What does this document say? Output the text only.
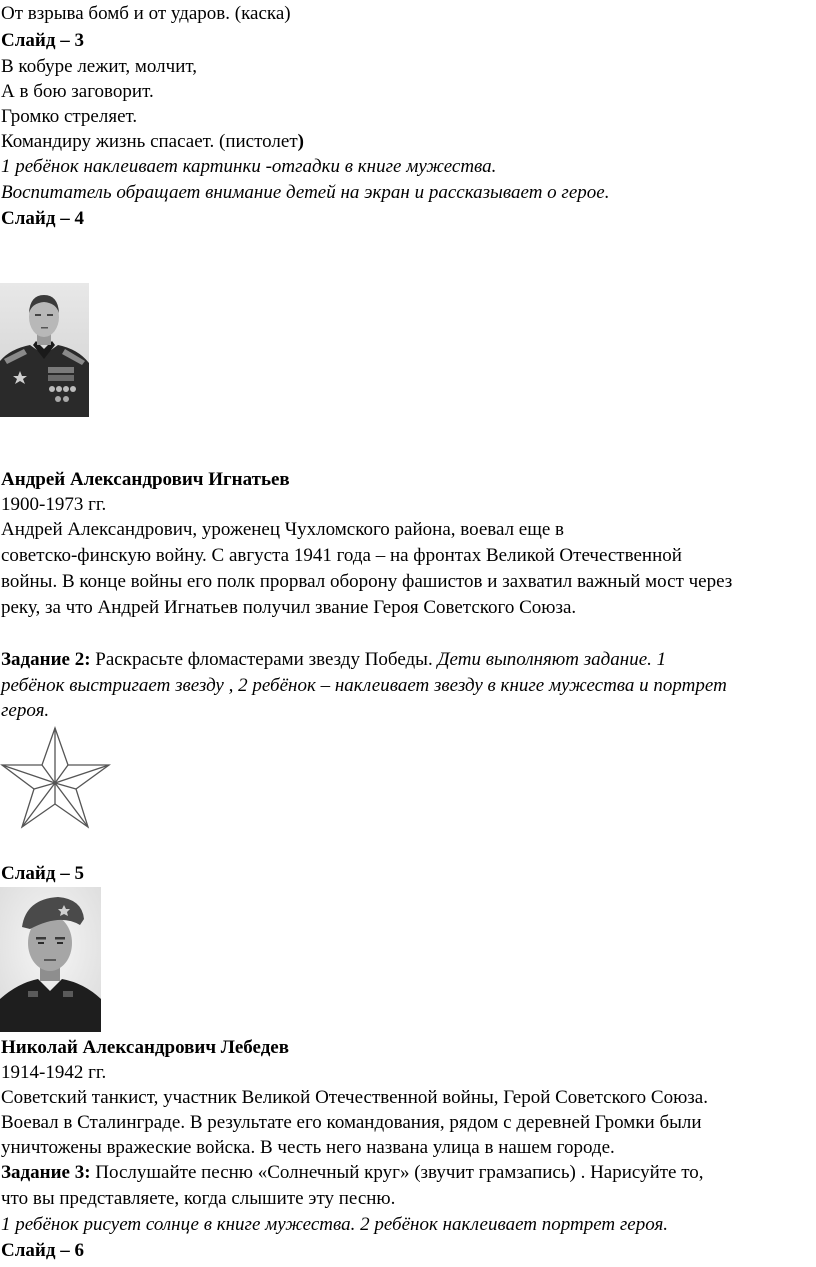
От взрыва бомб и от ударов. (каска)
Слайд – 3
В кобуре лежит, молчит,
А в бою заговорит.
Громко стреляет.
Командиру жизнь спасает. (пистолет)
1 ребёнок наклеивает картинки -отгадки в книге мужества.
Воспитатель обращает внимание детей на экран и рассказывает о герое.
Слайд – 4
Андрей Александрович Игнатьев
1900-1973 гг.
Андрей Александрович, уроженец Чухломского района, воевал еще в
советско-финскую войну. С августа 1941 года – на фронтах Великой Отечественной
войны. В конце войны его полк прорвал оборону фашистов и захватил важный мост через
реку, за что Андрей Игнатьев получил звание Героя Советского Союза.
Задание 2: Раскрасьте фломастерами звезду Победы. Дети выполняют задание. 1
ребёнок выстригает звезду , 2 ребёнок – наклеивает звезду в книге мужества и портрет
героя.
Слайд – 5
Николай Александрович Лебедев
1914-1942 гг.
Советский танкист, участник Великой Отечественной войны, Герой Советского Союза.
Воевал в Сталинграде. В результате его командования, рядом с деревней Громки были
уничтожены вражеские войска. В честь него названа улица в нашем городе.
Задание 3: Послушайте песню «Солнечный круг» (звучит грамзапись) . Нарисуйте то,
что вы представляете, когда слышите эту песню.
1 ребёнок рисует солнце в книге мужества. 2 ребёнок наклеивает портрет героя.
Слайд – 6
